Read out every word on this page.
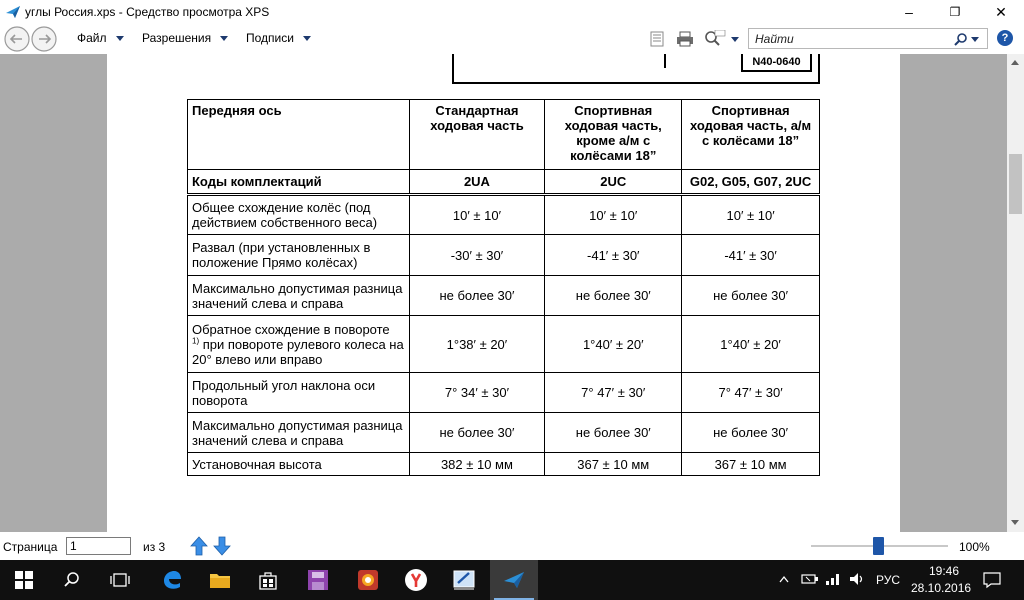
углы Россия.xps - Средство просмотра XPS	–	❐ ✕
Файл	Разрешения	Подписи
Найти	?
N40-0640
Передняя ось	Стандартная ходовая часть	Спортивная ходовая часть, кроме а/м с колёсами 18”	Спортивная ходовая часть, а/м с колёсами 18”
Коды комплектаций	2UA	2UC	G02, G05, G07, 2UC
Общее схождение колёс (под действием собственного веса)	10′ ± 10′	10′ ± 10′	10′ ± 10′
Развал (при установленных в положение Прямо колёсах)	-30′ ± 30′	-41′ ± 30′	-41′ ± 30′
Максимально допустимая разница значений слева и справа	не более 30′	не более 30′	не более 30′
Обратное схождение в повороте
$^{1)}$ при повороте рулевого колеса на 20° влево или вправо	1°38′ ± 20′	1°40′ ± 20′	1°40′ ± 20′
Продольный угол наклона оси поворота	7° 34′ ± 30′	7° 47′ ± 30′	7° 47′ ± 30′
Максимально допустимая разница значений слева и справа	не более 30′	не более 30′	не более 30′
Установочная высота	382 ± 10 мм	367 ± 10 мм	367 ± 10 мм
Страница	из 3	100%
1
РУС
19:46
28.10.2016
